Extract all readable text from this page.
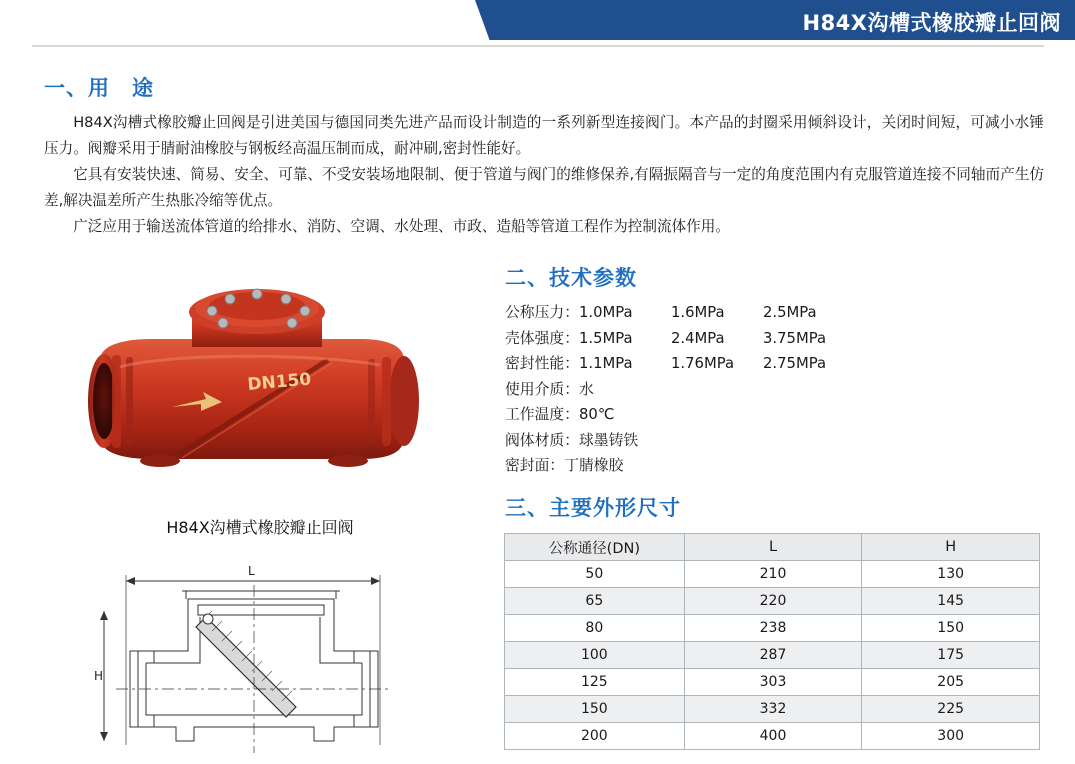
H84X沟槽式橡胶瓣止回阀
一、用　途

H84X沟槽式橡胶瓣止回阀是引进美国与德国同类先进产品而设计制造的一系列新型连接阀门。本产品的封圈采用倾斜设计，关闭时间短，可减小水锤压力。阀瓣采用于腈耐油橡胶与钢板经高温压制而成，耐冲刷,密封性能好。

它具有安装快速、简易、安全、可靠、不受安装场地限制、便于管道与阀门的维修保养,有隔振隔音与一定的角度范围内有克服管道连接不同轴而产生仿差,解决温差所产生热胀冷缩等优点。

广泛应用于输送流体管道的给排水、消防、空调、水处理、市政、造船等管道工程作为控制流体作用。

DN150
H84X沟槽式橡胶瓣止回阀
L
H
二、技术参数
公称压力：1.0MPa	1.6MPa	2.5MPa
壳体强度：1.5MPa	2.4MPa	3.75MPa
密封性能：1.1MPa	1.76MPa 2.75MPa
使用介质：水
工作温度：80℃
阀体材质：球墨铸铁
密封面：丁腈橡胶
三、主要外形尺寸
公称通径(DN)	L	H
50	210	130
65	220	145
80	238	150
100	287	175
125	303	205
150	332	225
200	400	300
